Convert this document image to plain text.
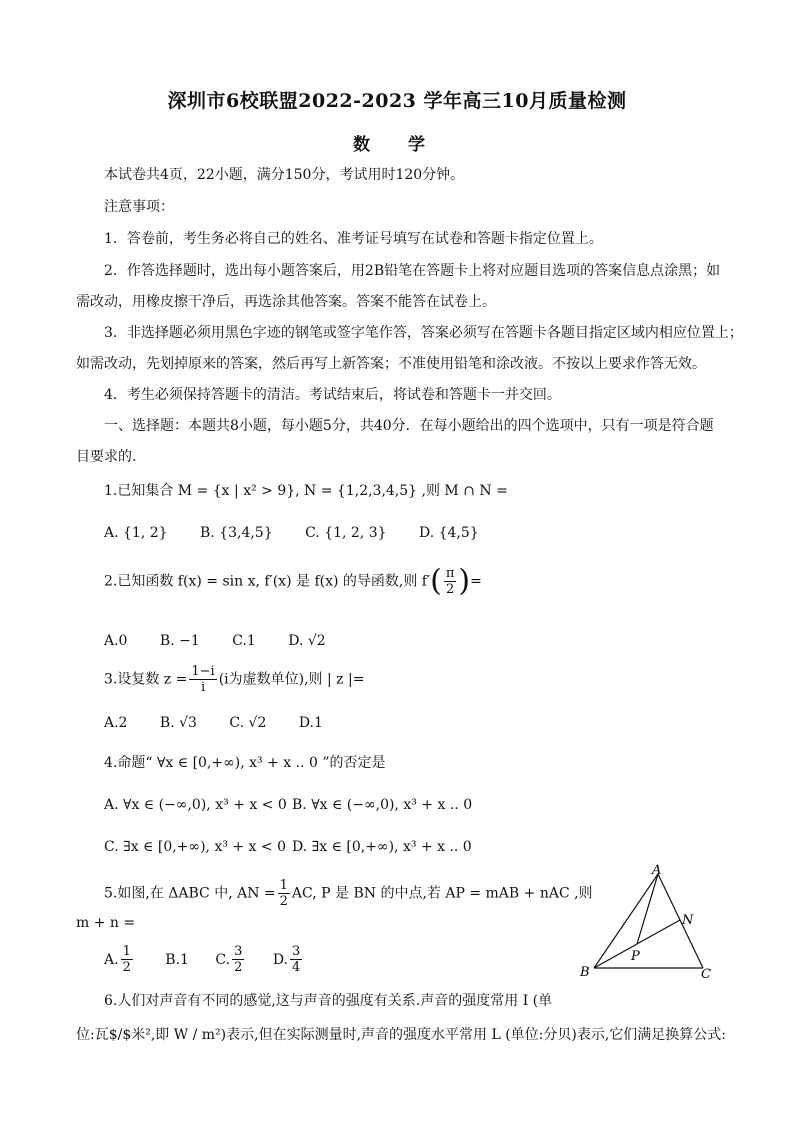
深圳市6校联盟2022-2023 学年高三10月质量检测
数 学
本试卷共4页，22小题，满分150分，考试用时120分钟。
注意事项：
1．答卷前，考生务必将自己的姓名、准考证号填写在试卷和答题卡指定位置上。
2．作答选择题时，选出每小题答案后，用2B铅笔在答题卡上将对应题目选项的答案信息点涂黑；如
需改动，用橡皮擦干净后，再选涂其他答案。答案不能答在试卷上。
3．非选择题必须用黑色字迹的钢笔或签字笔作答，答案必须写在答题卡各题目指定区域内相应位置上；
如需改动，先划掉原来的答案，然后再写上新答案；不准使用铅笔和涂改液。不按以上要求作答无效。
4．考生必须保持答题卡的清洁。考试结束后，将试卷和答题卡一并交回。
一、选择题：本题共8小题，每小题5分，共40分．在每小题给出的四个选项中，只有一项是符合题
目要求的.
1.已知集合 M = {x | x² > 9}, N = {1,2,3,4,5} ,则 M ∩ N =
A. {1, 2} B. {3,4,5} C. {1, 2, 3} D. {4,5}
2.已知函数 f(x) = sin x, f′(x) 是 f(x) 的导函数,则 $f'( \frac{\pi}{2}$ )=
A.0 B. −1 C.1 D. √2
3.设复数 $z = \frac{1-i}{i} (i$为虚数单位),则 | z |=
A.2 B. √3 C. √2 D.1
4.命题“ ∀x ∈ [0,+∞), x³ + x .. 0 ”的否定是
A. ∀x ∈ (−∞,0), x³ + x < 0 B. ∀x ∈ (−∞,0), x³ + x .. 0
C. ∃x ∈ [0,+∞), x³ + x < 0 D. ∃x ∈ [0,+∞), x³ + x .. 0
5.如图,在 ΔABC 中, AN = $\frac{1}{2}$ AC, P 是 BN 的中点,若 AP = mAB + nAC ,则
m + n =
A. $\frac{1}{2} B.1$ C. $\frac{3}{2} D$. $\frac{3}{4}$
A
B	C
N
P
6.人们对声音有不同的感觉,这与声音的强度有关系.声音的强度常用 I (单
位:瓦$/$米²,即 W / m²)表示,但在实际测量时,声音的强度水平常用 L (单位:分贝)表示,它们满足换算公式:
